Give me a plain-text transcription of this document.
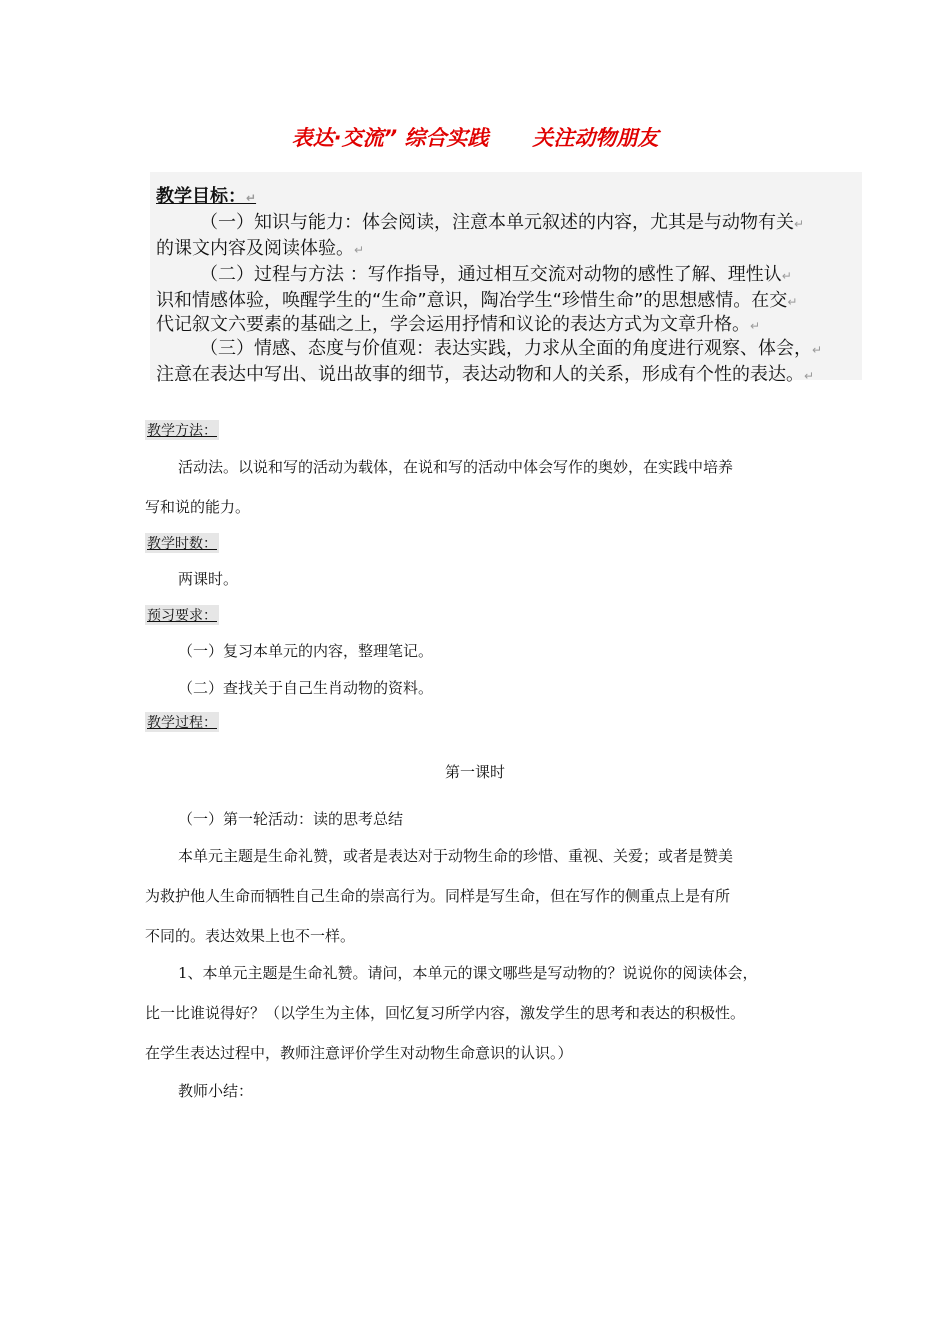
表达·交流” 综合实践      关注动物朋友
教学目标：↵
（一）知识与能力：体会阅读，注意本单元叙述的内容，尤其是与动物有关↵
的课文内容及阅读体验。↵
（二）过程与方法 ：写作指导，通过相互交流对动物的感性了解、理性认↵
识和情感体验，唤醒学生的“生命”意识，陶冶学生“珍惜生命”的思想感情。在交↵
代记叙文六要素的基础之上，学会运用抒情和议论的表达方式为文章升格。↵
（三）情感、态度与价值观：表达实践，力求从全面的角度进行观察、体会，↵
注意在表达中写出、说出故事的细节，表达动物和人的关系，形成有个性的表达。↵
教学方法：
活动法。以说和写的活动为载体，在说和写的活动中体会写作的奥妙，在实践中培养
写和说的能力。
教学时数：
两课时。
预习要求：
（一）复习本单元的内容，整理笔记。
（二）查找关于自己生肖动物的资料。
教学过程：
第一课时
（一）第一轮活动：读的思考总结
本单元主题是生命礼赞，或者是表达对于动物生命的珍惜、重视、关爱；或者是赞美
为救护他人生命而牺牲自己生命的崇高行为。同样是写生命，但在写作的侧重点上是有所
不同的。表达效果上也不一样。
1、本单元主题是生命礼赞。请问，本单元的课文哪些是写动物的？说说你的阅读体会，
比一比谁说得好？（以学生为主体，回忆复习所学内容，激发学生的思考和表达的积极性。
在学生表达过程中，教师注意评价学生对动物生命意识的认识。）
教师小结：
